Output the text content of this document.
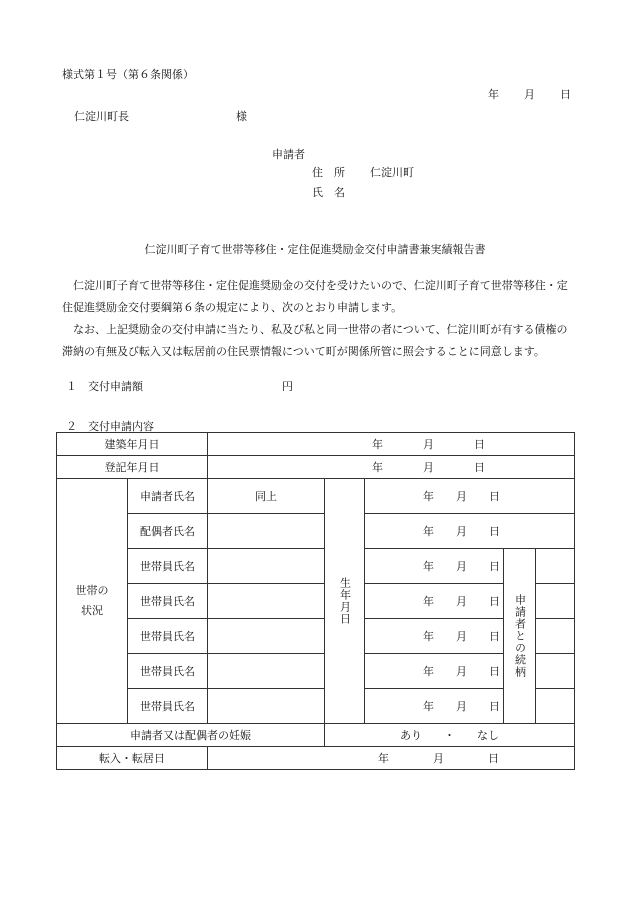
様式第１号（第６条関係）
年 月 日
仁淀川町長	様
申請者
住　所 仁淀川町
氏　名
仁淀川町子育て世帯等移住・定住促進奨励金交付申請書兼実績報告書

仁淀川町子育て世帯等移住・定住促進奨励金の交付を受けたいので、仁淀川町子育て世帯等移住・定住促進奨励金交付要綱第６条の規定により、次のとおり申請します。

なお、上記奨励金の交付申請に当たり、私及び私と同一世帯の者について、仁淀川町が有する債権の滞納の有無及び転入又は転居前の住民票情報について町が関係所管に照会することに同意します。

１　交付申請額	円
２　交付申請内容
建築年月日		年 月 日				

登記年月日		年 月 日				

世帯の
状況	申請者氏名	同上	生年月日	年 月 日		

	配偶者氏名			年 月 日		

	世帯員氏名			年 月 日	申請者との続柄	

	世帯員氏名			年 月 日		

	世帯員氏名			年 月 日		

	世帯員氏名			年 月 日		

	世帯員氏名			年 月 日		

申請者又は配偶者の妊娠			あり　　・　　なし			
転入・転居日		年 月 日				
